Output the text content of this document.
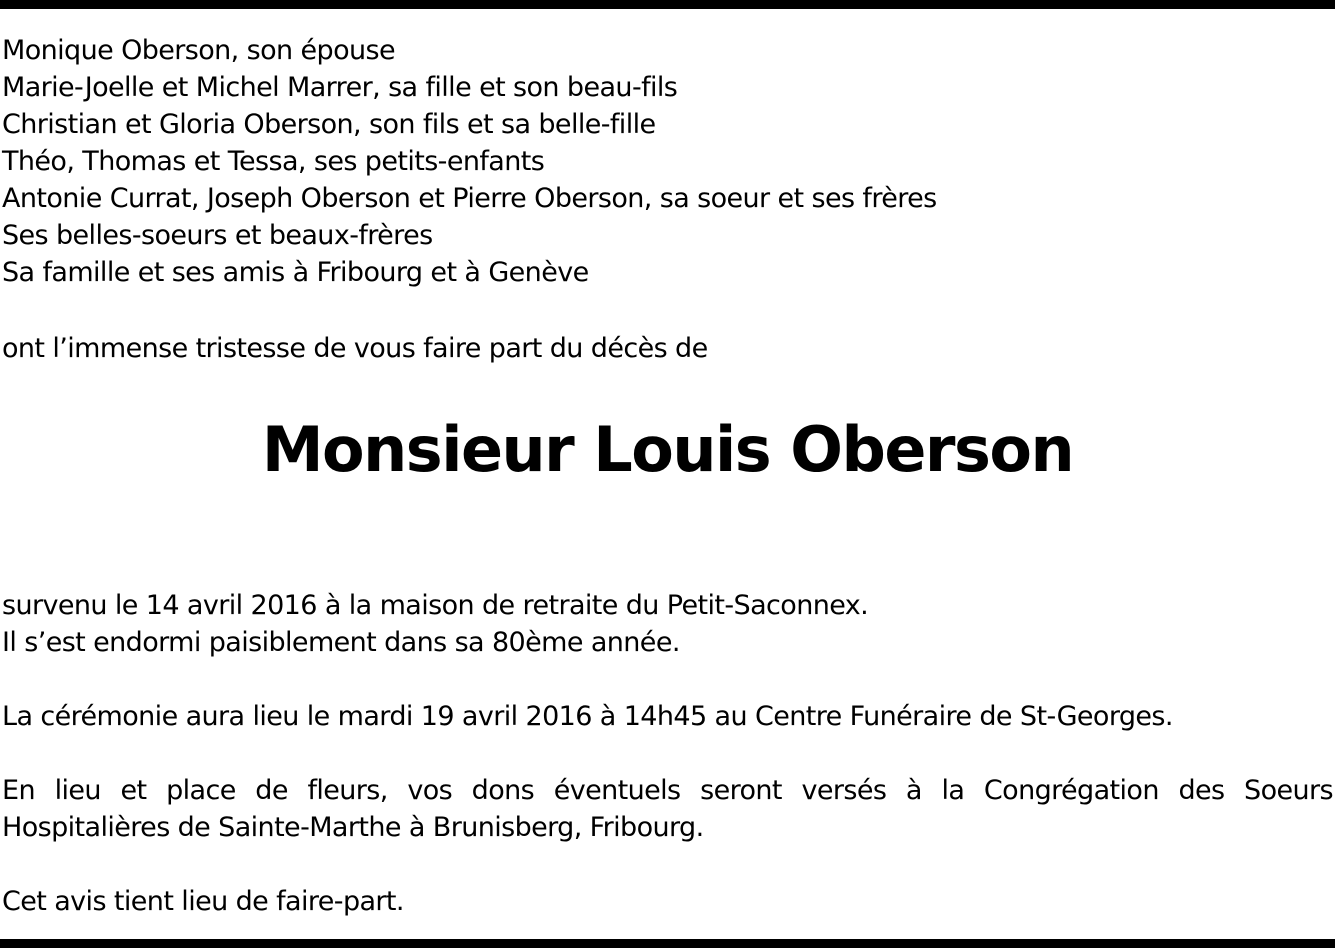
Monique Oberson, son épouse
Marie-Joelle et Michel Marrer, sa fille et son beau-fils
Christian et Gloria Oberson, son fils et sa belle-fille
Théo, Thomas et Tessa, ses petits-enfants
Antonie Currat, Joseph Oberson et Pierre Oberson, sa soeur et ses frères
Ses belles-soeurs et beaux-frères
Sa famille et ses amis à Fribourg et à Genève
ont l’immense tristesse de vous faire part du décès de
Monsieur Louis Oberson
survenu le 14 avril 2016 à la maison de retraite du Petit-Saconnex.
Il s’est endormi paisiblement dans sa 80ème année.
La cérémonie aura lieu le mardi 19 avril 2016 à 14h45 au Centre Funéraire de St-Georges.
En lieu et place de fleurs, vos dons éventuels seront versés à la Congrégation des Soeurs
Hospitalières de Sainte-Marthe à Brunisberg, Fribourg.
Cet avis tient lieu de faire-part.
